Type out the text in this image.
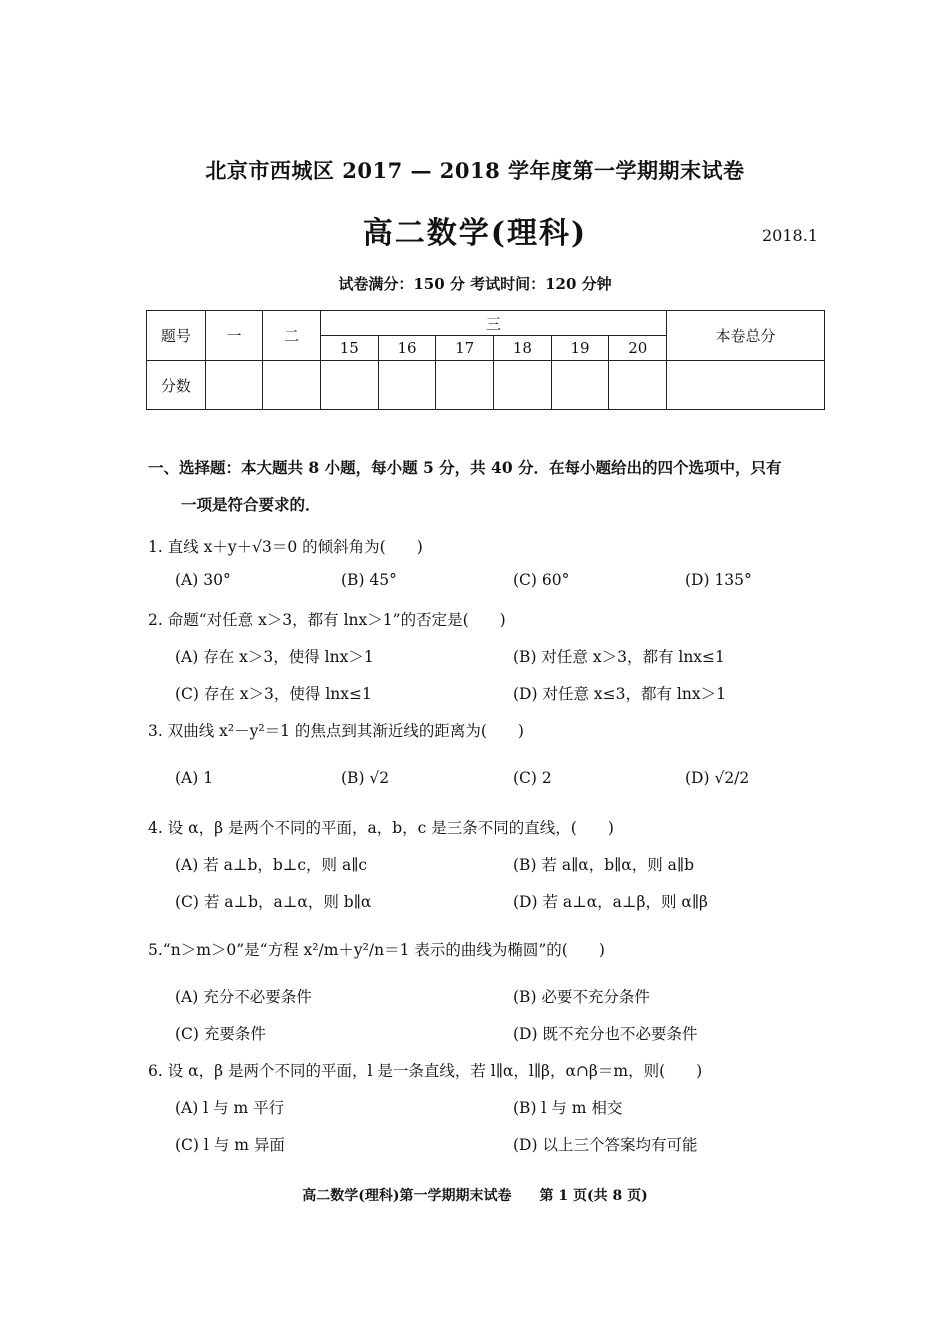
北京市西城区 2017 — 2018 学年度第一学期期末试卷
高二数学(理科)	2018.1
试卷满分：150 分 考试时间：120 分钟
题号	一	二	三						本卷总分
			15	16	17	18	19	20	
分数									
一、选择题：本大题共 8 小题，每小题 5 分，共 40 分．在每小题给出的四个选项中，只有
一项是符合要求的．
1. 直线 x＋y＋√3＝0 的倾斜角为(　　)
(A) 30°	(B) 45°	(C) 60°	(D) 135°
2. 命题“对任意 x＞3，都有 lnx＞1”的否定是(　　)
(A) 存在 x＞3，使得 lnx＞1	(B) 对任意 x＞3，都有 lnx≤1
(C) 存在 x＞3，使得 lnx≤1	(D) 对任意 x≤3，都有 lnx＞1
3. 双曲线 x²－y²＝1 的焦点到其渐近线的距离为(　　)
(A) 1	(B) √2	(C) 2	(D) √2/2
4. 设 α，β 是两个不同的平面，a，b，c 是三条不同的直线，(　　)
(A) 若 a⊥b，b⊥c，则 a∥c	(B) 若 a∥α，b∥α，则 a∥b
(C) 若 a⊥b，a⊥α，则 b∥α	(D) 若 a⊥α，a⊥β，则 α∥β
5.“n＞m＞0”是“方程 x²/m＋y²/n＝1 表示的曲线为椭圆”的(　　)
(A) 充分不必要条件	(B) 必要不充分条件
(C) 充要条件	(D) 既不充分也不必要条件
6. 设 α，β 是两个不同的平面，l 是一条直线，若 l∥α，l∥β，α∩β＝m，则(　　)
(A) l 与 m 平行	(B) l 与 m 相交
(C) l 与 m 异面	(D) 以上三个答案均有可能
高二数学(理科)第一学期期末试卷　　第 1 页(共 8 页)
